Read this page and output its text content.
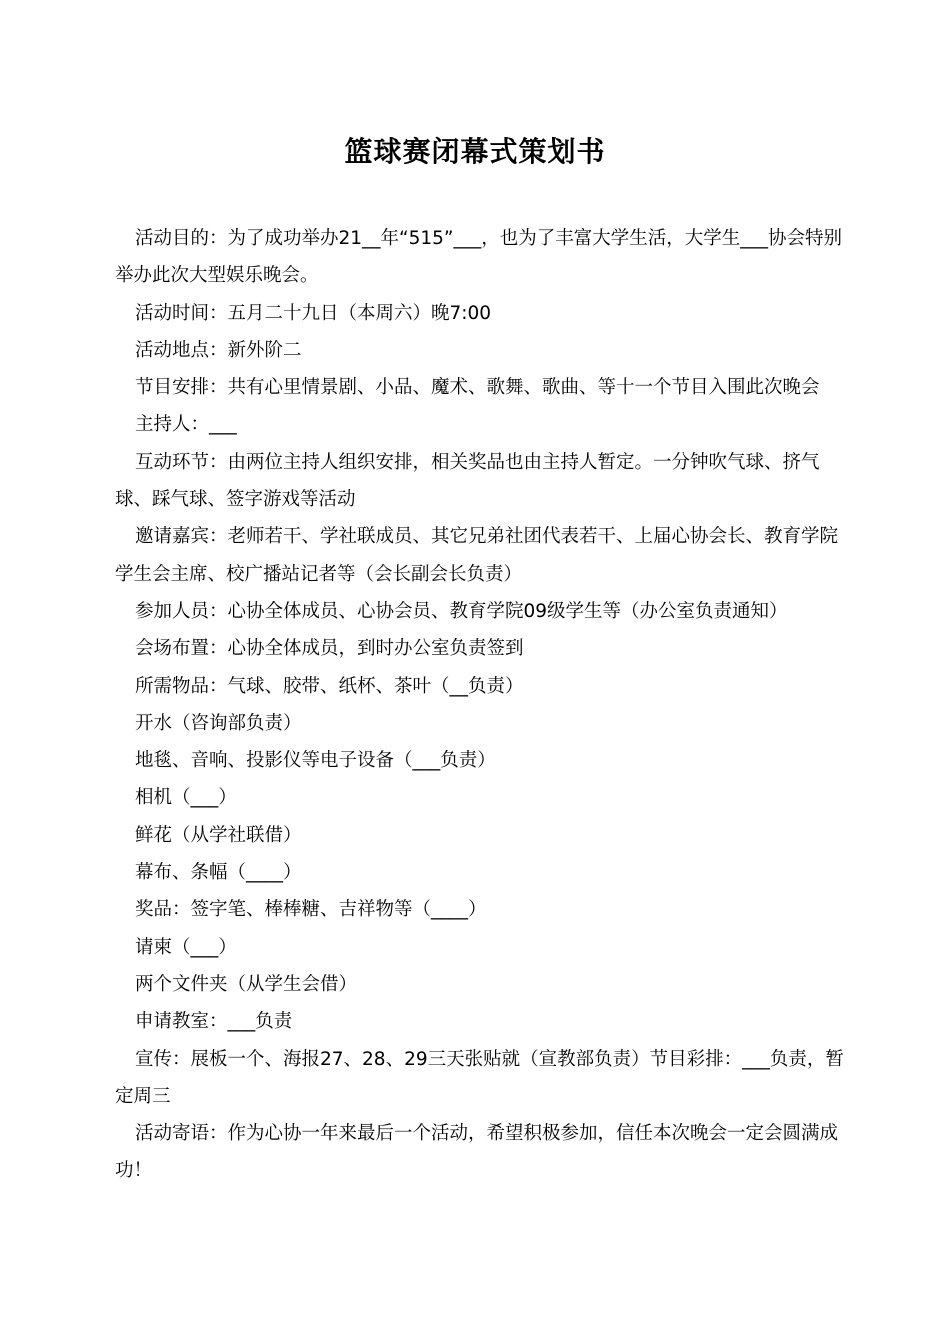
篮球赛闭幕式策划书

活动目的：为了成功举办21__年“515”___，也为了丰富大学生活，大学生___协会特别举办此次大型娱乐晚会。

活动时间：五月二十九日（本周六）晚7:00

活动地点：新外阶二

节目安排：共有心里情景剧、小品、魔术、歌舞、歌曲、等十一个节目入围此次晚会

主持人：___

互动环节：由两位主持人组织安排，相关奖品也由主持人暂定。一分钟吹气球、挤气球、踩气球、签字游戏等活动

邀请嘉宾：老师若干、学社联成员、其它兄弟社团代表若干、上届心协会长、教育学院学生会主席、校广播站记者等（会长副会长负责）

参加人员：心协全体成员、心协会员、教育学院09级学生等（办公室负责通知）

会场布置：心协全体成员，到时办公室负责签到

所需物品：气球、胶带、纸杯、茶叶（__负责）

开水（咨询部负责）

地毯、音响、投影仪等电子设备（___负责）

相机（___）

鲜花（从学社联借）

幕布、条幅（____）

奖品：签字笔、棒棒糖、吉祥物等（____）

请柬（___）

两个文件夹（从学生会借）

申请教室：___负责

宣传：展板一个、海报27、28、29三天张贴就（宣教部负责）节目彩排：___负责，暂定周三

活动寄语：作为心协一年来最后一个活动，希望积极参加，信任本次晚会一定会圆满成功！
